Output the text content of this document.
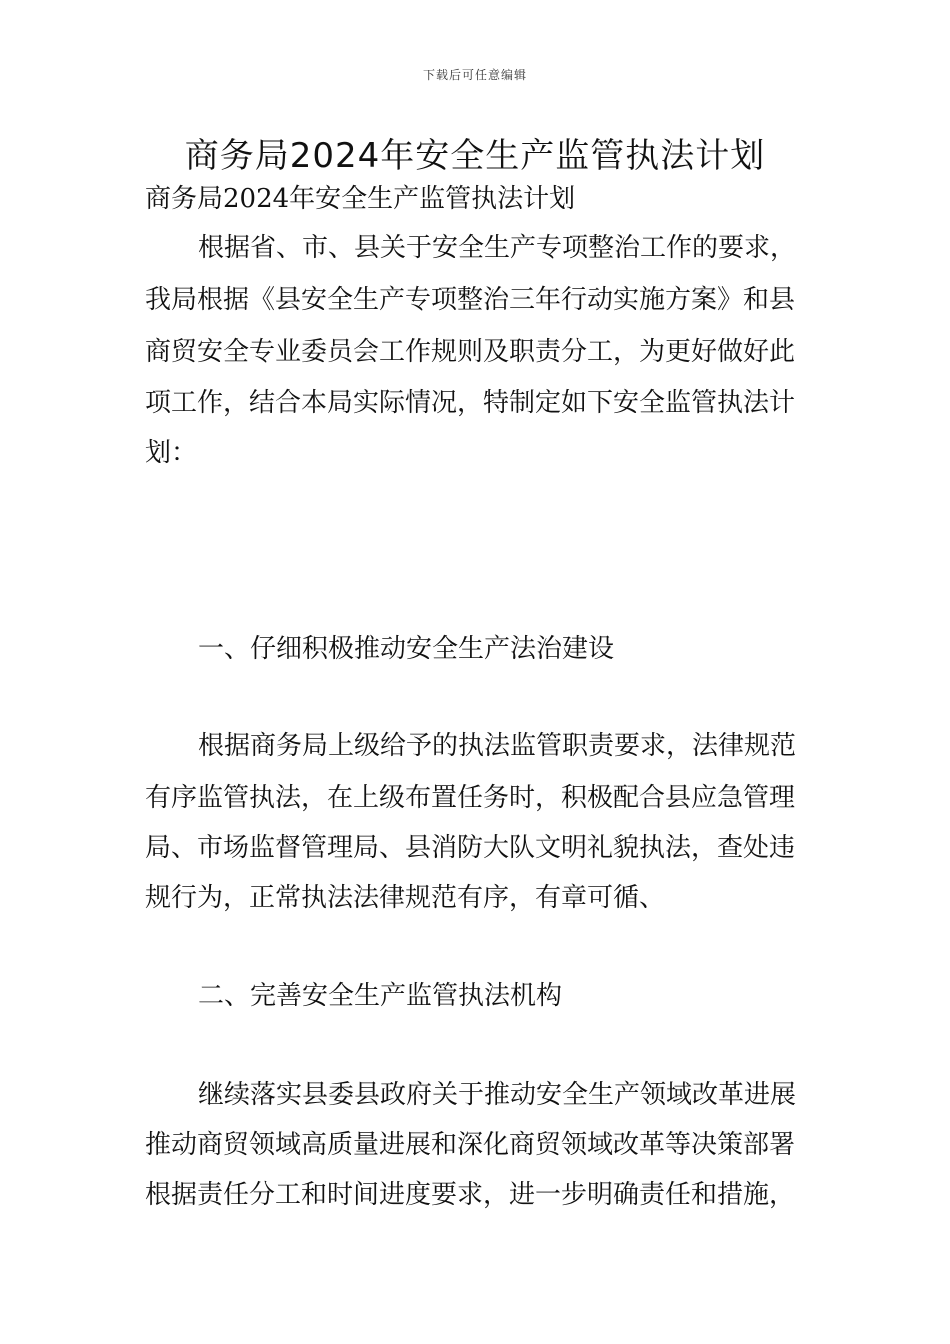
下载后可任意编辑
商务局2024年安全生产监管执法计划

商务局2024年安全生产监管执法计划

根据省、市、县关于安全生产专项整治工作的要求，

我局根据《县安全生产专项整治三年行动实施方案》和县

商贸安全专业委员会工作规则及职责分工，为更好做好此

项工作，结合本局实际情况，特制定如下安全监管执法计

划：

一、仔细积极推动安全生产法治建设

根据商务局上级给予的执法监管职责要求，法律规范

有序监管执法，在上级布置任务时，积极配合县应急管理

局、市场监督管理局、县消防大队文明礼貌执法，查处违

规行为，正常执法法律规范有序，有章可循、

二、完善安全生产监管执法机构

继续落实县委县政府关于推动安全生产领域改革进展

推动商贸领域高质量进展和深化商贸领域改革等决策部署

根据责任分工和时间进度要求，进一步明确责任和措施，
